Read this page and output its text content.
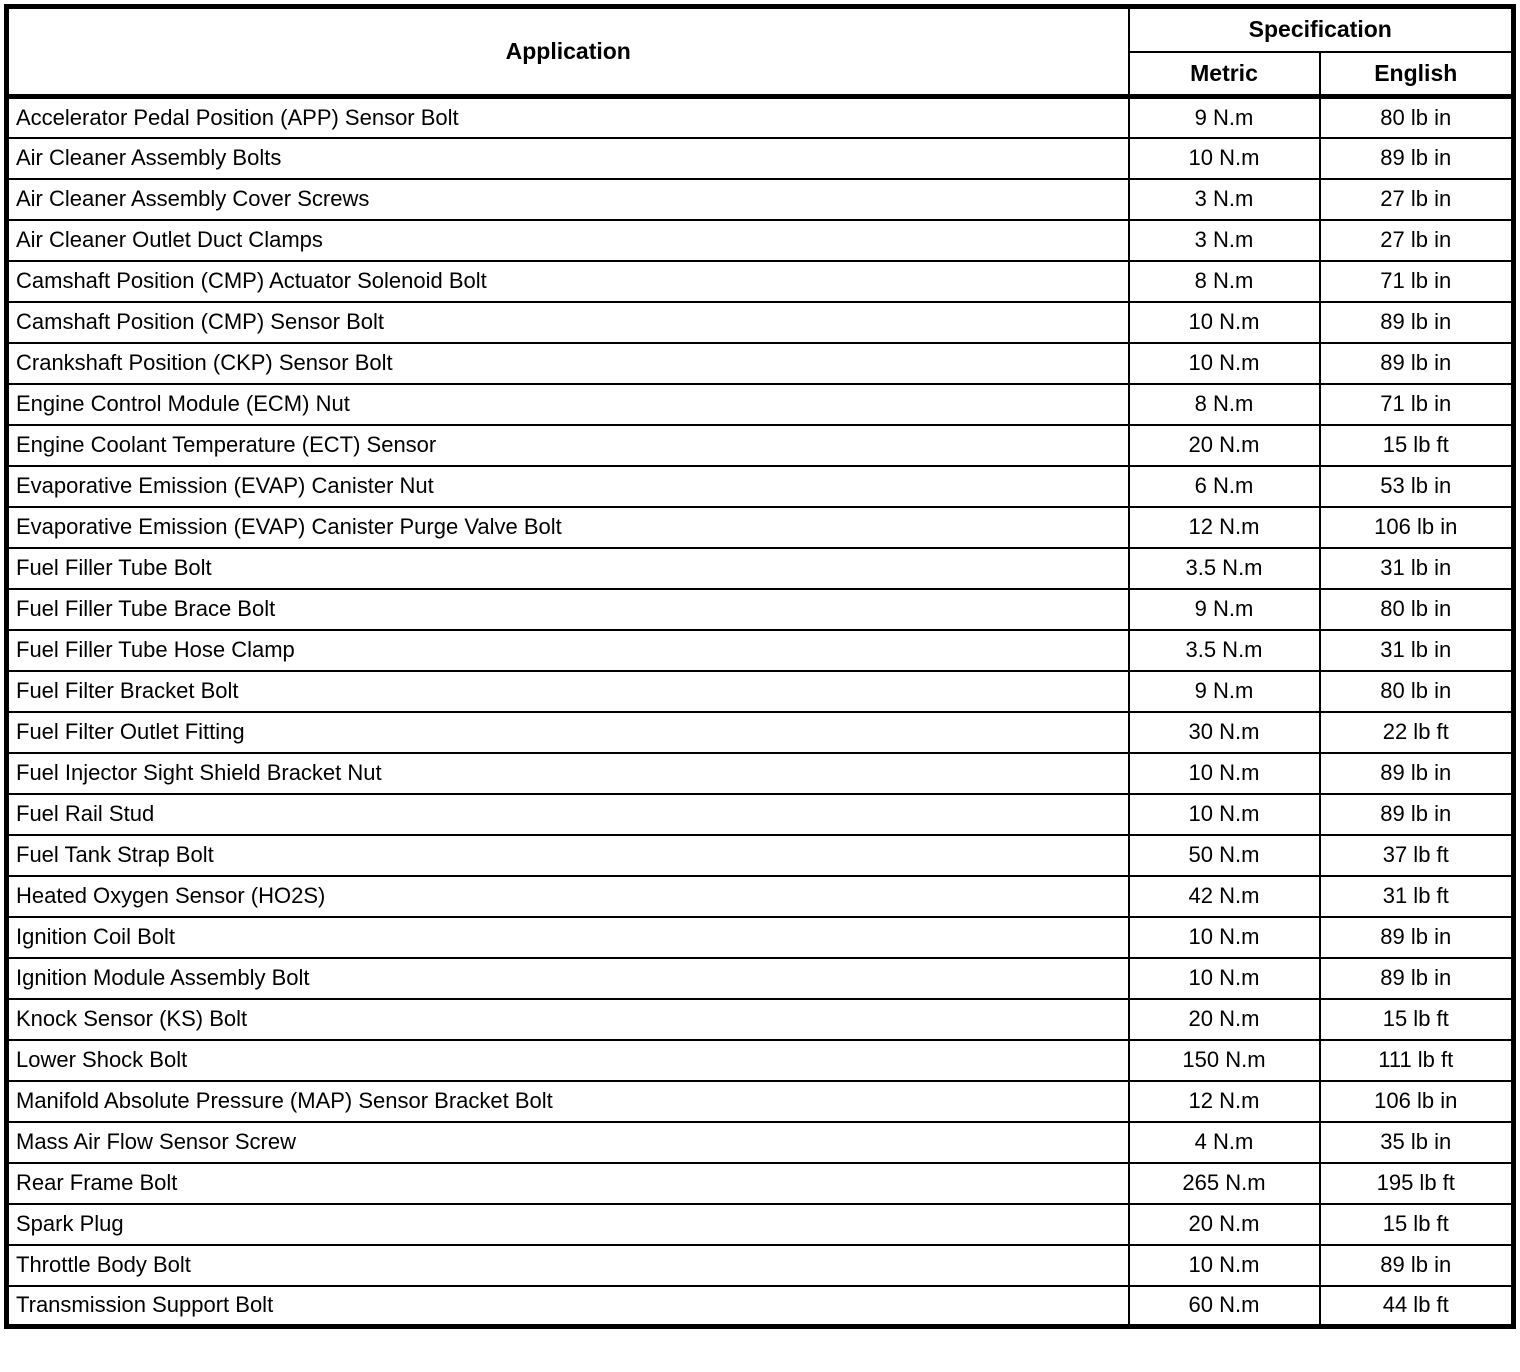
Application	Specification	
	Metric	English
Accelerator Pedal Position (APP) Sensor Bolt	9 N.m	80 lb in
Air Cleaner Assembly Bolts	10 N.m	89 lb in
Air Cleaner Assembly Cover Screws	3 N.m	27 lb in
Air Cleaner Outlet Duct Clamps	3 N.m	27 lb in
Camshaft Position (CMP) Actuator Solenoid Bolt	8 N.m	71 lb in
Camshaft Position (CMP) Sensor Bolt	10 N.m	89 lb in
Crankshaft Position (CKP) Sensor Bolt	10 N.m	89 lb in
Engine Control Module (ECM) Nut	8 N.m	71 lb in
Engine Coolant Temperature (ECT) Sensor	20 N.m	15 lb ft
Evaporative Emission (EVAP) Canister Nut	6 N.m	53 lb in
Evaporative Emission (EVAP) Canister Purge Valve Bolt	12 N.m	106 lb in
Fuel Filler Tube Bolt	3.5 N.m	31 lb in
Fuel Filler Tube Brace Bolt	9 N.m	80 lb in
Fuel Filler Tube Hose Clamp	3.5 N.m	31 lb in
Fuel Filter Bracket Bolt	9 N.m	80 lb in
Fuel Filter Outlet Fitting	30 N.m	22 lb ft
Fuel Injector Sight Shield Bracket Nut	10 N.m	89 lb in
Fuel Rail Stud	10 N.m	89 lb in
Fuel Tank Strap Bolt	50 N.m	37 lb ft
Heated Oxygen Sensor (HO2S)	42 N.m	31 lb ft
Ignition Coil Bolt	10 N.m	89 lb in
Ignition Module Assembly Bolt	10 N.m	89 lb in
Knock Sensor (KS) Bolt	20 N.m	15 lb ft
Lower Shock Bolt	150 N.m	111 lb ft
Manifold Absolute Pressure (MAP) Sensor Bracket Bolt	12 N.m	106 lb in
Mass Air Flow Sensor Screw	4 N.m	35 lb in
Rear Frame Bolt	265 N.m	195 lb ft
Spark Plug	20 N.m	15 lb ft
Throttle Body Bolt	10 N.m	89 lb in
Transmission Support Bolt	60 N.m	44 lb ft
